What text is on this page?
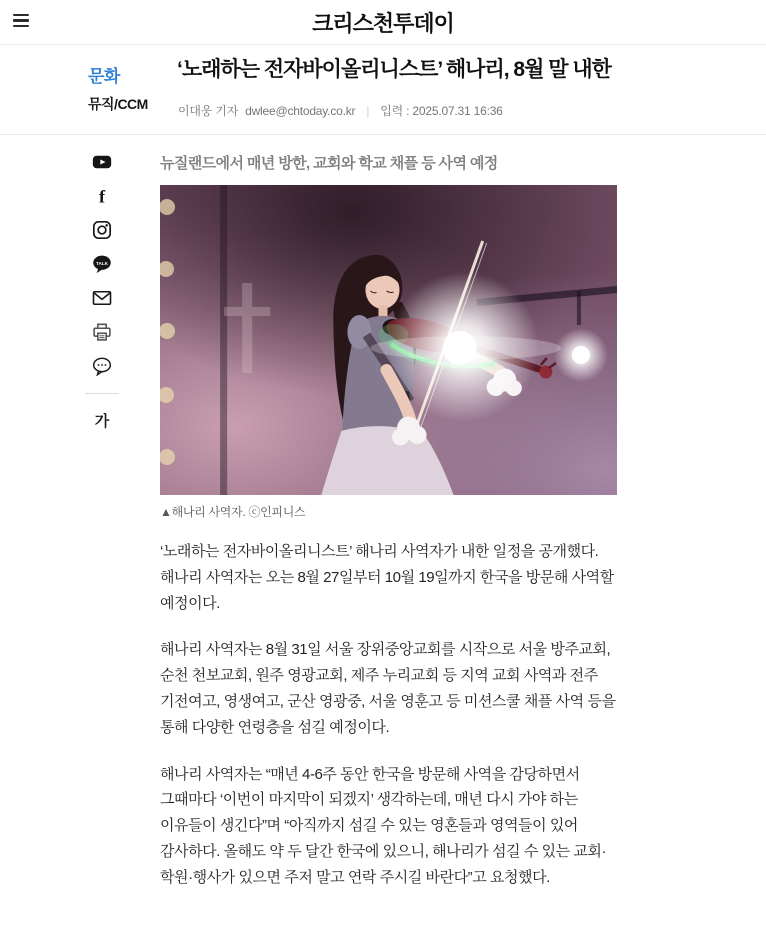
크리스천투데이
문화
뮤직/CCM
‘노래하는 전자바이올리니스트’ 해나리, 8월 말 내한
이대웅 기자 dwlee@chtoday.co.kr | 입력 : 2025.07.31 16:36
f
TALK
가
뉴질랜드에서 매년 방한, 교회와 학교 채플 등 사역 예정
▲해나리 사역자. ⓒ인피니스

‘노래하는 전자바이올리니스트’ 해나리 사역자가 내한 일정을 공개했다. 해나리 사역자는 오는 8월 27일부터 10월 19일까지 한국을 방문해 사역할 예정이다.

해나리 사역자는 8월 31일 서울 장위중앙교회를 시작으로 서울 방주교회, 순천 천보교회, 원주 영광교회, 제주 누리교회 등 지역 교회 사역과 전주 기전여고, 영생여고, 군산 영광중, 서울 영훈고 등 미션스쿨 채플 사역 등을 통해 다양한 연령층을 섬길 예정이다.

해나리 사역자는 “매년 4-6주 동안 한국을 방문해 사역을 감당하면서 그때마다 ‘이번이 마지막이 되겠지’ 생각하는데, 매년 다시 가야 하는 이유들이 생긴다”며 “아직까지 섬길 수 있는 영혼들과 영역들이 있어 감사하다. 올해도 약 두 달간 한국에 있으니, 해나리가 섬길 수 있는 교회·학원·행사가 있으면 주저 말고 연락 주시길 바란다”고 요청했다.
